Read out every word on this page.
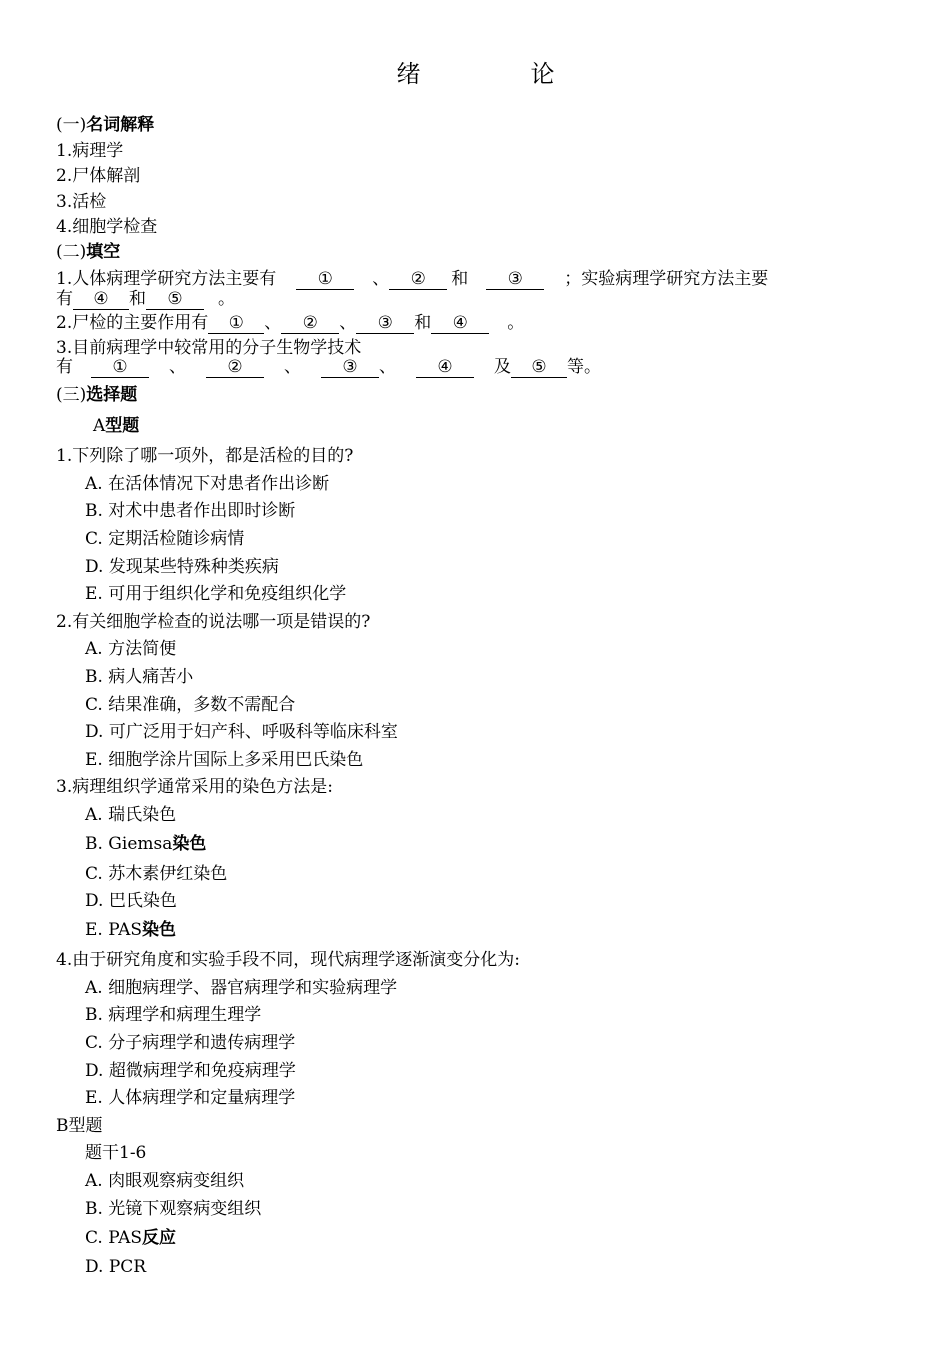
绪	论
(一)名词解释
1.病理学
2.尸体解剖
3.活检
4.细胞学检查
(二)填空
1.人体病理学研究方法主要有 ① 、 ② 和 ③ ；实验病理学研究方法主要
有 ④ 和 ⑤ 。
2.尸检的主要作用有 ① 、 ② 、 ③ 和 ④ 。
3.目前病理学中较常用的分子生物学技术
有 ① 、 ② 、 ③ 、 ④ 及 ⑤ 等。
(三)选择题
A型题
1.下列除了哪一项外，都是活检的目的?
A. 在活体情况下对患者作出诊断
B. 对术中患者作出即时诊断
C. 定期活检随诊病情
D. 发现某些特殊种类疾病
E. 可用于组织化学和免疫组织化学
2.有关细胞学检查的说法哪一项是错误的?
A. 方法简便
B. 病人痛苦小
C. 结果准确，多数不需配合
D. 可广泛用于妇产科、呼吸科等临床科室
E. 细胞学涂片国际上多采用巴氏染色
3.病理组织学通常采用的染色方法是:
A. 瑞氏染色
B. Giemsa染色
C. 苏木素伊红染色
D. 巴氏染色
E. PAS染色
4.由于研究角度和实验手段不同，现代病理学逐渐演变分化为:
A. 细胞病理学、器官病理学和实验病理学
B. 病理学和病理生理学
C. 分子病理学和遗传病理学
D. 超微病理学和免疫病理学
E. 人体病理学和定量病理学
B型题
题干1-6
A. 肉眼观察病变组织
B. 光镜下观察病变组织
C. PAS反应
D. PCR
